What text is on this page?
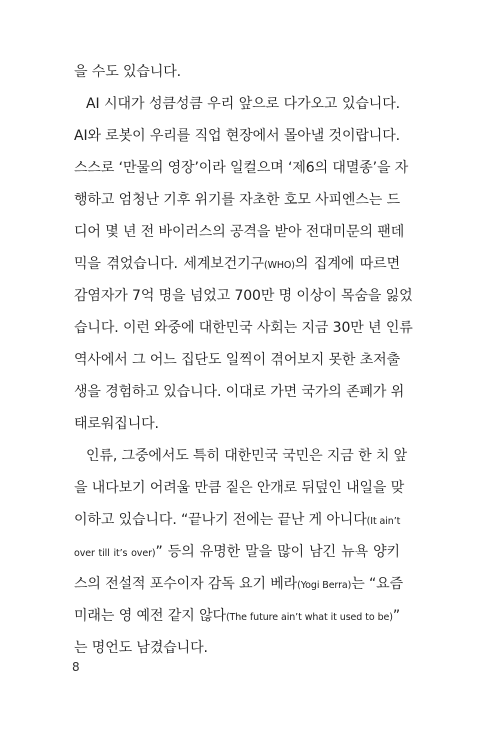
을 수도 있습니다.
AI 시대가 성큼성큼 우리 앞으로 다가오고 있습니다.
AI와 로봇이 우리를 직업 현장에서 몰아낼 것이랍니다.
스스로 ‘만물의 영장’이라 일컬으며 ‘제6의 대멸종’을 자
행하고 엄청난 기후 위기를 자초한 호모 사피엔스는 드
디어 몇 년 전 바이러스의 공격을 받아 전대미문의 팬데
믹을 겪었습니다. 세계보건기구(WHO)의 집계에 따르면
감염자가 7억 명을 넘었고 700만 명 이상이 목숨을 잃었
습니다. 이런 와중에 대한민국 사회는 지금 30만 년 인류
역사에서 그 어느 집단도 일찍이 겪어보지 못한 초저출
생을 경험하고 있습니다. 이대로 가면 국가의 존폐가 위
태로워집니다.
인류, 그중에서도 특히 대한민국 국민은 지금 한 치 앞
을 내다보기 어려울 만큼 짙은 안개로 뒤덮인 내일을 맞
이하고 있습니다. “끝나기 전에는 끝난 게 아니다(It ain’t
over till it’s over)” 등의 유명한 말을 많이 남긴 뉴욕 양키
스의 전설적 포수이자 감독 요기 베라(Yogi Berra)는 “요즘
미래는 영 예전 같지 않다(The future ain’t what it used to be)”
는 명언도 남겼습니다.
8
